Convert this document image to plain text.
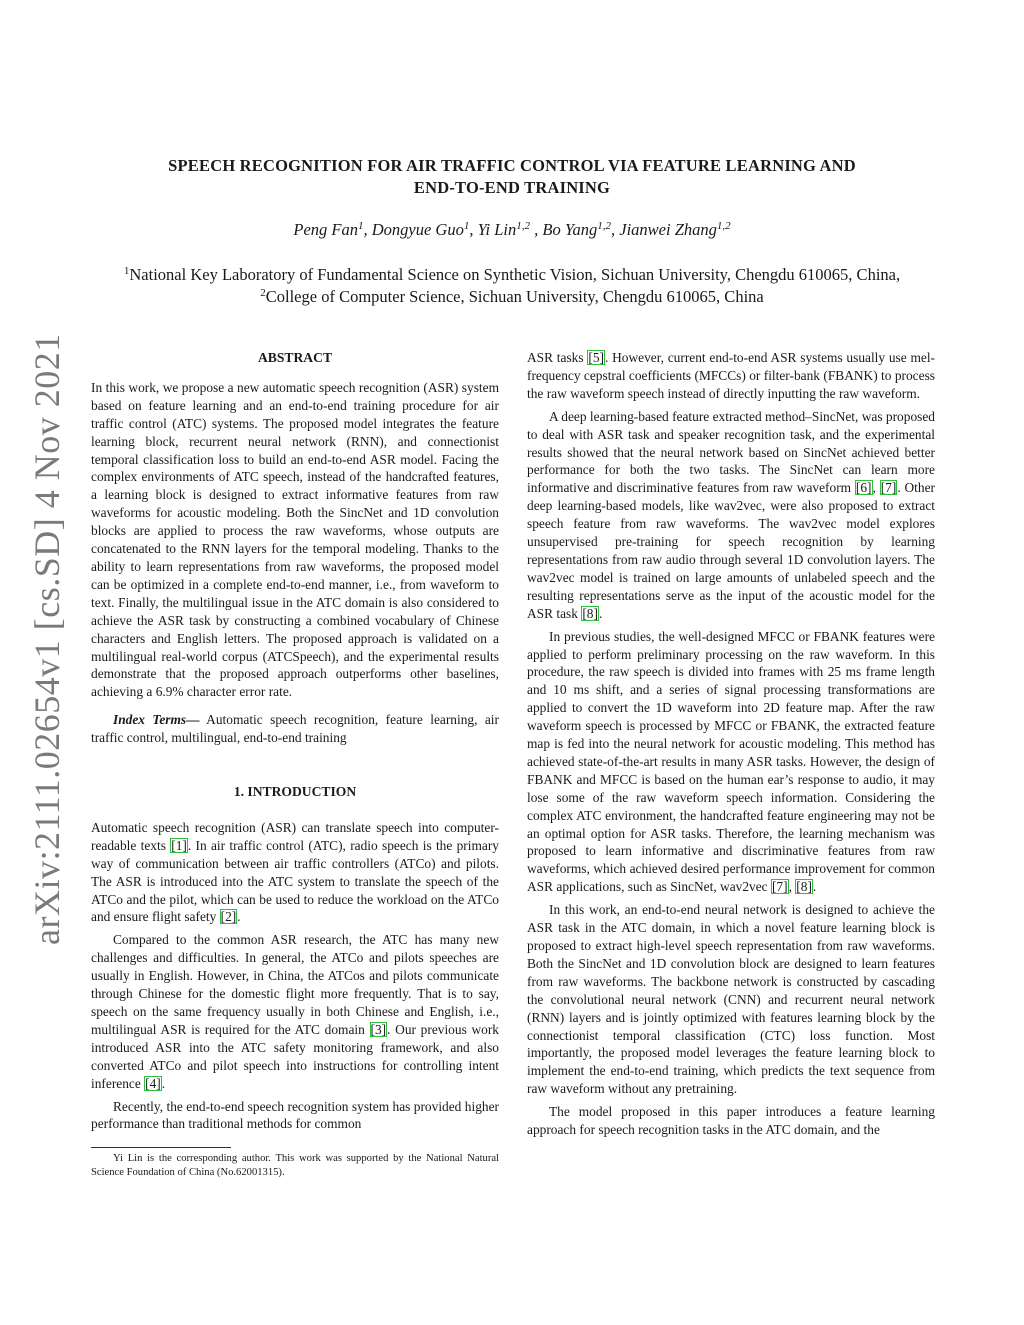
arXiv:2111.02654v1 [cs.SD] 4 Nov 2021
SPEECH RECOGNITION FOR AIR TRAFFIC CONTROL VIA FEATURE LEARNING AND
END-TO-END TRAINING
Peng Fan$^1$, Dongyue Guo$^1$, Yi Lin$^{1,2}$ , Bo Yang$^{1,2}$, Jianwei Zhang$^{1,2}$
$^1$National Key Laboratory of Fundamental Science on Synthetic Vision, Sichuan University, Chengdu 610065, China,
$^2$College of Computer Science, Sichuan University, Chengdu 610065, China
ABSTRACT

In this work, we propose a new automatic speech recognition (ASR) system based on feature learning and an end-to-end training procedure for air traffic control (ATC) systems. The proposed model integrates the feature learning block, recurrent neural network (RNN), and connectionist temporal classification loss to build an end-to-end ASR model. Facing the complex environments of ATC speech, instead of the handcrafted features, a learning block is designed to extract informative features from raw waveforms for acoustic modeling. Both the SincNet and 1D convolution blocks are applied to process the raw waveforms, whose outputs are concatenated to the RNN layers for the temporal modeling. Thanks to the ability to learn representations from raw waveforms, the proposed model can be optimized in a complete end-to-end manner, i.e., from waveform to text. Finally, the multilingual issue in the ATC domain is also considered to achieve the ASR task by constructing a combined vocabulary of Chinese characters and English letters. The proposed approach is validated on a multilingual real-world corpus (ATCSpeech), and the experimental results demonstrate that the proposed approach outperforms other baselines, achieving a 6.9% character error rate.

Index Terms— Automatic speech recognition, feature learning, air traffic control, multilingual, end-to-end training

1. INTRODUCTION

Automatic speech recognition (ASR) can translate speech into computer-readable texts [1]. In air traffic control (ATC), radio speech is the primary way of communication between air traffic controllers (ATCo) and pilots. The ASR is introduced into the ATC system to translate the speech of the ATCo and the pilot, which can be used to reduce the workload on the ATCo and ensure flight safety [2].

Compared to the common ASR research, the ATC has many new challenges and difficulties. In general, the ATCo and pilots speeches are usually in English. However, in China, the ATCos and pilots communicate through Chinese for the domestic flight more frequently. That is to say, speech on the same frequency usually in both Chinese and English, i.e., multilingual ASR is required for the ATC domain [3]. Our previous work introduced ASR into the ATC safety monitoring framework, and also converted ATCo and pilot speech into instructions for controlling intent inference [4].

Recently, the end-to-end speech recognition system has provided higher performance than traditional methods for common

Yi Lin is the corresponding author. This work was supported by the National Natural Science Foundation of China (No.62001315).

ASR tasks [5]. However, current end-to-end ASR systems usually use mel-frequency cepstral coefficients (MFCCs) or filter-bank (FBANK) to process the raw waveform speech instead of directly inputting the raw waveform.

A deep learning-based feature extracted method–SincNet, was proposed to deal with ASR task and speaker recognition task, and the experimental results showed that the neural network based on SincNet achieved better performance for both the two tasks. The SincNet can learn more informative and discriminative features from raw waveform [6], [7]. Other deep learning-based models, like wav2vec, were also proposed to extract speech feature from raw waveforms. The wav2vec model explores unsupervised pre-training for speech recognition by learning representations from raw audio through several 1D convolution layers. The wav2vec model is trained on large amounts of unlabeled speech and the resulting representations serve as the input of the acoustic model for the ASR task [8].

In previous studies, the well-designed MFCC or FBANK features were applied to perform preliminary processing on the raw waveform. In this procedure, the raw speech is divided into frames with 25 ms frame length and 10 ms shift, and a series of signal processing transformations are applied to convert the 1D waveform into 2D feature map. After the raw waveform speech is processed by MFCC or FBANK, the extracted feature map is fed into the neural network for acoustic modeling. This method has achieved state-of-the-art results in many ASR tasks. However, the design of FBANK and MFCC is based on the human ear’s response to audio, it may lose some of the raw waveform speech information. Considering the complex ATC environment, the handcrafted feature engineering may not be an optimal option for ASR tasks. Therefore, the learning mechanism was proposed to learn informative and discriminative features from raw waveforms, which achieved desired performance improvement for common ASR applications, such as SincNet, wav2vec [7], [8].

In this work, an end-to-end neural network is designed to achieve the ASR task in the ATC domain, in which a novel feature learning block is proposed to extract high-level speech representation from raw waveforms. Both the SincNet and 1D convolution block are designed to learn features from raw waveforms. The backbone network is constructed by cascading the convolutional neural network (CNN) and recurrent neural network (RNN) layers and is jointly optimized with features learning block by the connectionist temporal classification (CTC) loss function. Most importantly, the proposed model leverages the feature learning block to implement the end-to-end training, which predicts the text sequence from raw waveform without any pretraining.

The model proposed in this paper introduces a feature learning approach for speech recognition tasks in the ATC domain, and the
